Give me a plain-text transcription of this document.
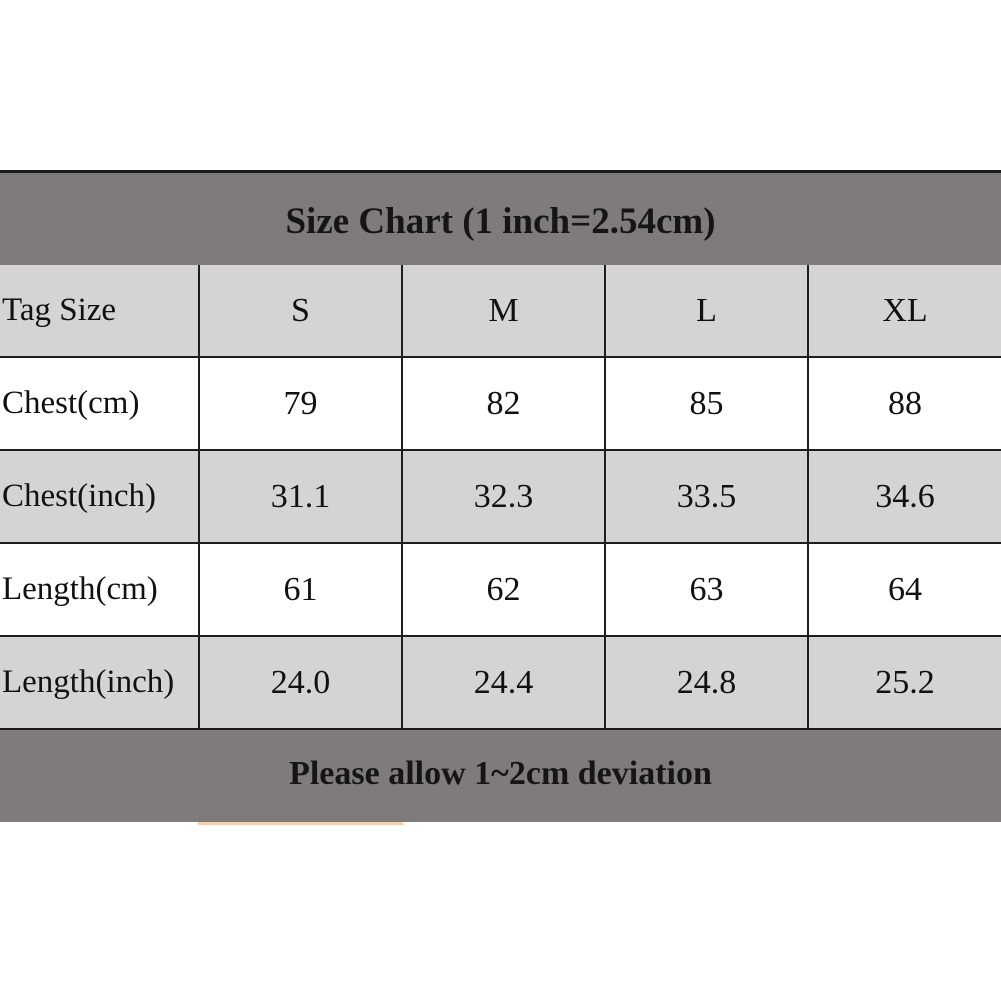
Size Chart (1 inch=2.54cm)
Tag Size	S	M	L	XL
Chest(cm)	79	82	85	88
Chest(inch)	31.1	32.3	33.5	34.6
Length(cm)	61	62	63	64
Length(inch)	24.0	24.4	24.8	25.2
Please allow 1~2cm deviation
